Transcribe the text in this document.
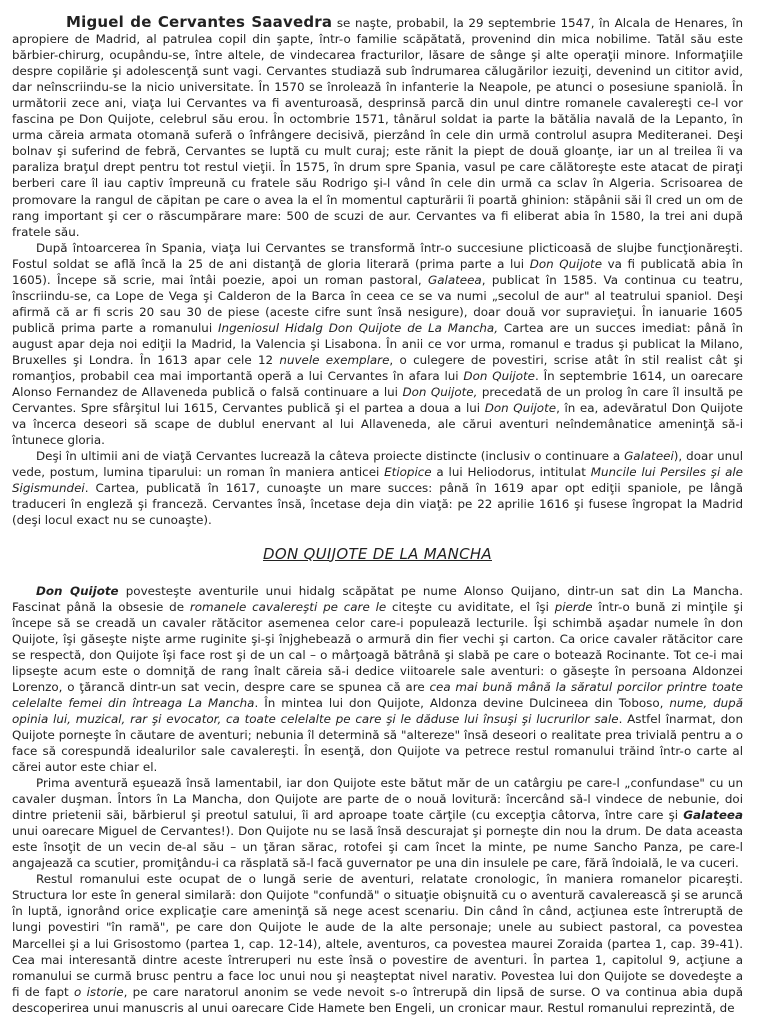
Miguel de Cervantes Saavedra se naşte, probabil, la 29 septembrie 1547, în Alcala de Henares, în apropiere de Madrid, al patrulea copil din şapte, într-o familie scăpătată, provenind din mica nobilime. Tatăl său este bărbier-chirurg, ocupându-se, între altele, de vindecarea fracturilor, lăsare de sânge şi alte operaţii minore. Informaţiile despre copilărie şi adolescenţă sunt vagi. Cervantes studiază sub îndrumarea călugărilor iezuiţi, devenind un cititor avid, dar neînscriindu-se la nicio universitate. În 1570 se înrolează în infanterie la Neapole, pe atunci o posesiune spaniolă. În următorii zece ani, viaţa lui Cervantes va fi aventuroasă, desprinsă parcă din unul dintre romanele cavalereşti ce-l vor fascina pe Don Quijote, celebrul său erou. În octombrie 1571, tânărul soldat ia parte la bătălia navală de la Lepanto, în urma căreia armata otomană suferă o înfrângere decisivă, pierzând în cele din urmă controlul asupra Mediteranei. Deşi bolnav şi suferind de febră, Cervantes se luptă cu mult curaj; este rănit la piept de două gloanţe, iar un al treilea îi va paraliza braţul drept pentru tot restul vieţii. În 1575, în drum spre Spania, vasul pe care călătoreşte este atacat de piraţi berberi care îl iau captiv împreună cu fratele său Rodrigo şi-l vând în cele din urmă ca sclav în Algeria. Scrisoarea de promovare la rangul de căpitan pe care o avea la el în momentul capturării îi poartă ghinion: stăpânii săi îl cred un om de rang important şi cer o răscumpărare mare: 500 de scuzi de aur. Cervantes va fi eliberat abia în 1580, la trei ani după fratele său.

După întoarcerea în Spania, viaţa lui Cervantes se transformă într-o succesiune plicticoasă de slujbe funcţionăreşti. Fostul soldat se află încă la 25 de ani distanţă de gloria literară (prima parte a lui Don Quijote va fi publicată abia în 1605). Începe să scrie, mai întâi poezie, apoi un roman pastoral, Galateea, publicat în 1585. Va continua cu teatru, înscriindu-se, ca Lope de Vega şi Calderon de la Barca în ceea ce se va numi „secolul de aur" al teatrului spaniol. Deşi afirmă că ar fi scris 20 sau 30 de piese (aceste cifre sunt însă nesigure), doar două vor supravieţui. În ianuarie 1605 publică prima parte a romanului Ingeniosul Hidalg Don Quijote de La Mancha, Cartea are un succes imediat: până în august apar deja noi ediţii la Madrid, la Valencia şi Lisabona. În anii ce vor urma, romanul e tradus şi publicat la Milano, Bruxelles şi Londra. În 1613 apar cele 12 nuvele exemplare, o culegere de povestiri, scrise atât în stil realist cât şi romanţios, probabil cea mai importantă operă a lui Cervantes în afara lui Don Quijote. În septembrie 1614, un oarecare Alonso Fernandez de Allaveneda publică o falsă continuare a lui Don Quijote, precedată de un prolog în care îl insultă pe Cervantes. Spre sfârşitul lui 1615, Cervantes publică şi el partea a doua a lui Don Quijote, în ea, adevăratul Don Quijote va încerca deseori să scape de dublul enervant al lui Allaveneda, ale cărui aventuri neîndemânatice ameninţă să-i întunece gloria.

Deşi în ultimii ani de viaţă Cervantes lucrează la câteva proiecte distincte (inclusiv o continuare a Galateei), doar unul vede, postum, lumina tiparului: un roman în maniera anticei Etiopice a lui Heliodorus, intitulat Muncile lui Persiles şi ale Sigismundei. Cartea, publicată în 1617, cunoaşte un mare succes: până în 1619 apar opt ediţii spaniole, pe lângă traduceri în engleză şi franceză. Cervantes însă, încetase deja din viaţă: pe 22 aprilie 1616 şi fusese îngropat la Madrid (deşi locul exact nu se cunoaşte).

DON QUIJOTE DE LA MANCHA

Don Quijote povesteşte aventurile unui hidalg scăpătat pe nume Alonso Quijano, dintr-un sat din La Mancha. Fascinat până la obsesie de romanele cavalereşti pe care le citeşte cu aviditate, el îşi pierde într-o bună zi minţile şi începe să se creadă un cavaler rătăcitor asemenea celor care-i populează lecturile. Îşi schimbă aşadar numele în don Quijote, îşi găseşte nişte arme ruginite şi-şi înjghebează o armură din fier vechi şi carton. Ca orice cavaler rătăcitor care se respectă, don Quijote îşi face rost şi de un cal – o mârţoagă bătrână şi slabă pe care o botează Rocinante. Tot ce-i mai lipseşte acum este o domniţă de rang înalt căreia să-i dedice viitoarele sale aventuri: o găseşte în persoana Aldonzei Lorenzo, o ţărancă dintr-un sat vecin, despre care se spunea că are cea mai bună mână la săratul porcilor printre toate celelalte femei din întreaga La Mancha. În mintea lui don Quijote, Aldonza devine Dulcineea din Toboso, nume, după opinia lui, muzical, rar şi evocator, ca toate celelalte pe care şi le dăduse lui însuşi şi lucrurilor sale. Astfel înarmat, don Quijote porneşte în căutare de aventuri; nebunia îl determină să "altereze" însă deseori o realitate prea trivială pentru a o face să corespundă idealurilor sale cavalereşti. În esenţă, don Quijote va petrece restul romanului trăind într-o carte al cărei autor este chiar el.

Prima aventură eşuează însă lamentabil, iar don Quijote este bătut măr de un catârgiu pe care-l „confundase" cu un cavaler duşman. Întors în La Mancha, don Quijote are parte de o nouă lovitură: încercând să-l vindece de nebunie, doi dintre prietenii săi, bărbierul şi preotul satului, îi ard aproape toate cărţile (cu excepţia câtorva, între care şi Galateea unui oarecare Miguel de Cervantes!). Don Quijote nu se lasă însă descurajat şi porneşte din nou la drum. De data aceasta este însoţit de un vecin de-al său – un ţăran sărac, rotofei şi cam încet la minte, pe nume Sancho Panza, pe care-l angajează ca scutier, promiţându-i ca răsplată să-l facă guvernator pe una din insulele pe care, fără îndoială, le va cuceri.

Restul romanului este ocupat de o lungă serie de aventuri, relatate cronologic, în maniera romanelor picareşti. Structura lor este în general similară: don Quijote "confundă" o situaţie obişnuită cu o aventură cavalerească şi se aruncă în luptă, ignorând orice explicaţie care ameninţă să nege acest scenariu. Din când în când, acţiunea este întreruptă de lungi povestiri "în ramă", pe care don Quijote le aude de la alte personaje; unele au subiect pastoral, ca povestea Marcellei şi a lui Grisostomo (partea 1, cap. 12-14), altele, aventuros, ca povestea maurei Zoraida (partea 1, cap. 39-41). Cea mai interesantă dintre aceste întreruperi nu este însă o povestire de aventuri. În partea 1, capitolul 9, acţiune a romanului se curmă brusc pentru a face loc unui nou şi neaşteptat nivel narativ. Povestea lui don Quijote se dovedeşte a fi de fapt o istorie, pe care naratorul anonim se vede nevoit s-o întrerupă din lipsă de surse. O va continua abia după descoperirea unui manuscris al unui oarecare Cide Hamete ben Engeli, un cronicar maur. Restul romanului reprezintă, de
